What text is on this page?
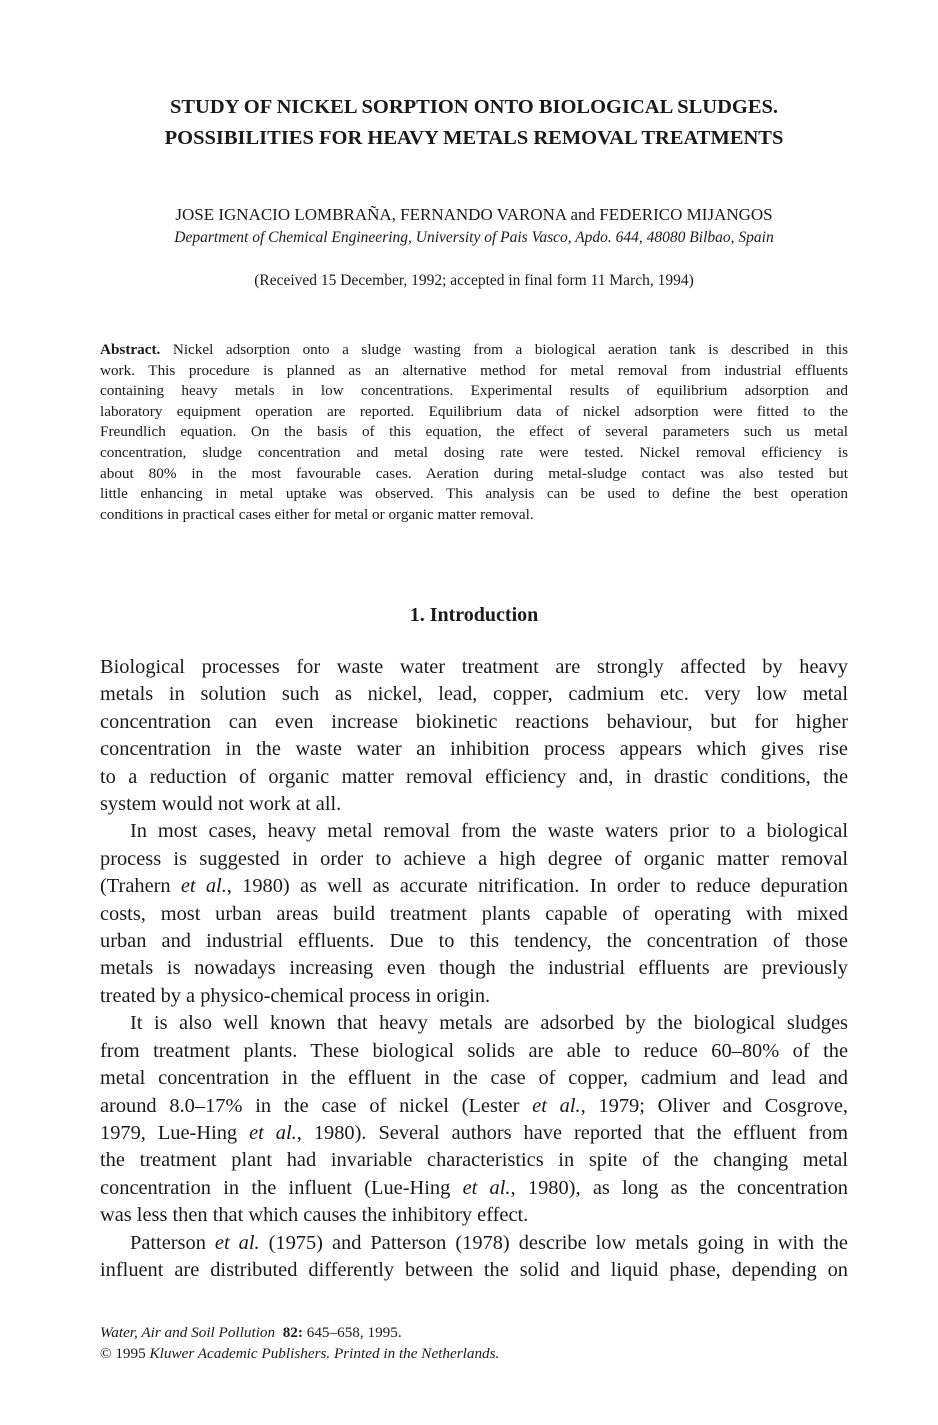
STUDY OF NICKEL SORPTION ONTO BIOLOGICAL SLUDGES.
POSSIBILITIES FOR HEAVY METALS REMOVAL TREATMENTS
JOSE IGNACIO LOMBRAÑA, FERNANDO VARONA and FEDERICO MIJANGOS
Department of Chemical Engineering, University of Pais Vasco, Apdo. 644, 48080 Bilbao, Spain
(Received 15 December, 1992; accepted in final form 11 March, 1994)
Abstract. Nickel adsorption onto a sludge wasting from a biological aeration tank is described in this
work. This procedure is planned as an alternative method for metal removal from industrial effluents
containing heavy metals in low concentrations. Experimental results of equilibrium adsorption and
laboratory equipment operation are reported. Equilibrium data of nickel adsorption were fitted to the
Freundlich equation. On the basis of this equation, the effect of several parameters such us metal
concentration, sludge concentration and metal dosing rate were tested. Nickel removal efficiency is
about 80% in the most favourable cases. Aeration during metal-sludge contact was also tested but
little enhancing in metal uptake was observed. This analysis can be used to define the best operation
conditions in practical cases either for metal or organic matter removal.
1. Introduction
Biological processes for waste water treatment are strongly affected by heavy
metals in solution such as nickel, lead, copper, cadmium etc. very low metal
concentration can even increase biokinetic reactions behaviour, but for higher
concentration in the waste water an inhibition process appears which gives rise
to a reduction of organic matter removal efficiency and, in drastic conditions, the
system would not work at all.
In most cases, heavy metal removal from the waste waters prior to a biological
process is suggested in order to achieve a high degree of organic matter removal
(Trahern et al., 1980) as well as accurate nitrification. In order to reduce depuration
costs, most urban areas build treatment plants capable of operating with mixed
urban and industrial effluents. Due to this tendency, the concentration of those
metals is nowadays increasing even though the industrial effluents are previously
treated by a physico-chemical process in origin.
It is also well known that heavy metals are adsorbed by the biological sludges
from treatment plants. These biological solids are able to reduce 60–80% of the
metal concentration in the effluent in the case of copper, cadmium and lead and
around 8.0–17% in the case of nickel (Lester et al., 1979; Oliver and Cosgrove,
1979, Lue-Hing et al., 1980). Several authors have reported that the effluent from
the treatment plant had invariable characteristics in spite of the changing metal
concentration in the influent (Lue-Hing et al., 1980), as long as the concentration
was less then that which causes the inhibitory effect.
Patterson et al. (1975) and Patterson (1978) describe low metals going in with the
influent are distributed differently between the solid and liquid phase, depending on
Water, Air and Soil Pollution 82: 645–658, 1995.
© 1995 Kluwer Academic Publishers. Printed in the Netherlands.
